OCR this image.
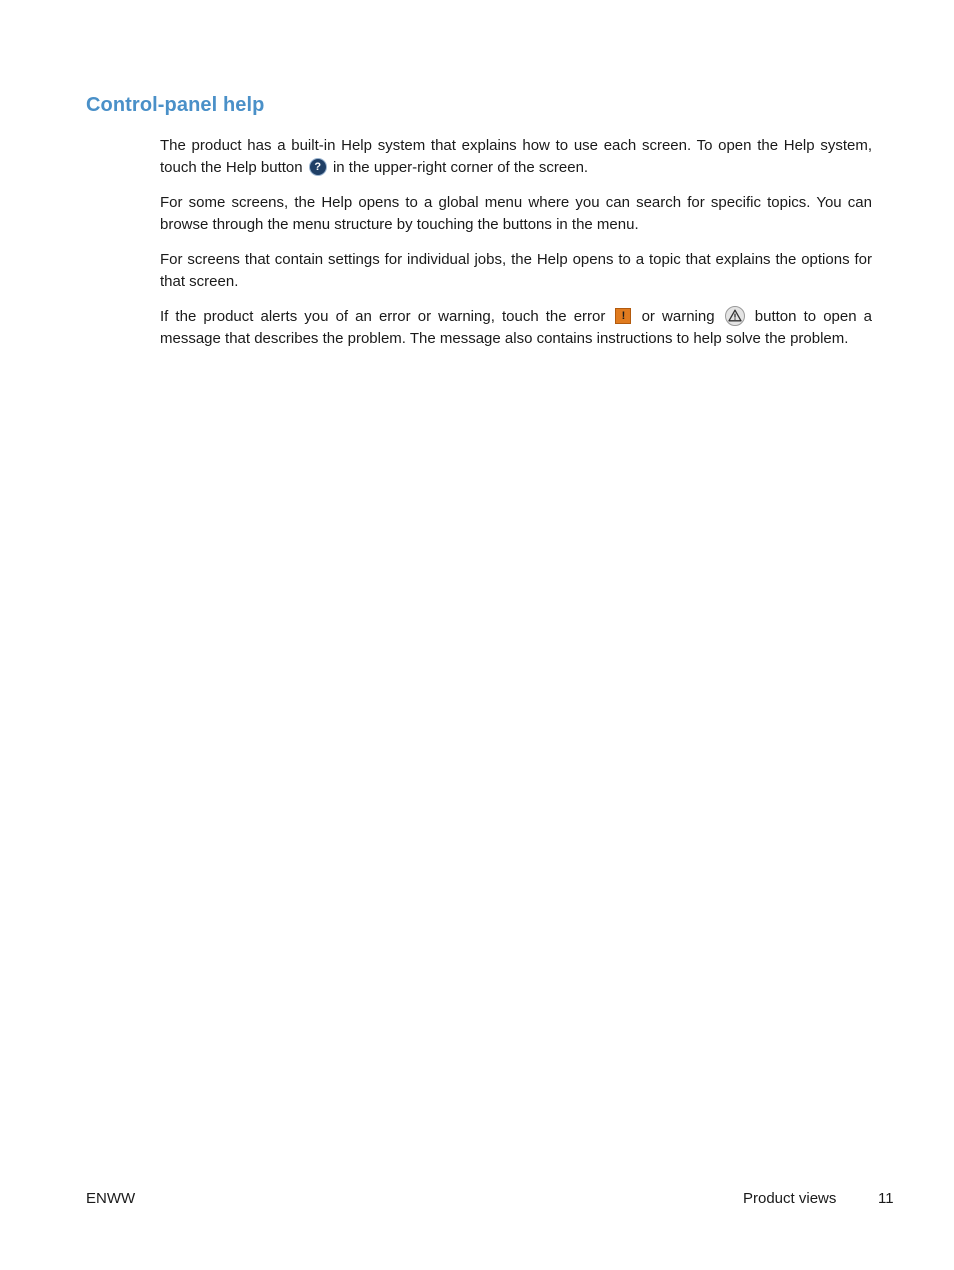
Control-panel help

The product has a built-in Help system that explains how to use each screen. To open the Help system, touch the Help button ? in the upper-right corner of the screen.

For some screens, the Help opens to a global menu where you can search for specific topics. You can browse through the menu structure by touching the buttons in the menu.

For screens that contain settings for individual jobs, the Help opens to a topic that explains the options for that screen.

If the product alerts you of an error or warning, touch the error ! or warning	button to open a message that describes the problem. The message also contains instructions to help solve the problem.

ENWW	Product views	11
